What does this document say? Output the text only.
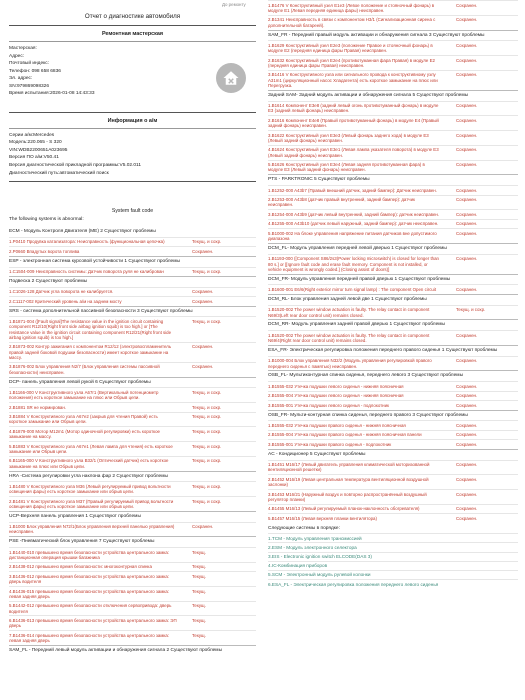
До ремонту
Отчет о диагностике автомобиля
Ремонтная мастерская
Мастерская:
Адрес:
Почтовый индекс:
Телефон: 098 658 6836
Эл. адрес:
SN:979869098326
Время испытания:2026-01-08 14:43:33
Информация о а/м
Серии а/м:Mercedes
Модель:220.065 - S 320
VIN:WDB2200651A023695
Версия ПО а/м:V50.41
Версия диагностической прикладной программы:V5.02.011
Диагностический путь:автоматический поиск
System fault code
The following systems is abnormal:
ECM - Модуль Контроля Двигателя (ME) 2 Существуют проблемы
1.P0410 Продувка катализатора: Неисправность (функциональная цепочка)	Текущ. и сохр.
2.P0660 Впадутых ворота топлива	Сохранен.
ESP - электронная система курсовой устойчивости 1 Существуют проблемы
1.C1504-009 Неисправность системы: Датчик поворота руля не калиброван	Текущ. и сохр.
Подвеска 2 Существуют проблемы
1.C1026-128 Датчик угла поворота не калибруется.	Сохранен.
2.C1117-002 Критический уровень а/м на заднем мосту	Сохранен.
SRS - система дополнительной пассивной безопасности 3 Существуют проблемы
1.B1871-004 ([Fault signal]The resistance value in the ignition circuit containing component R12/10(Right front side airbag ignition squib) is too high.] or [The resistance value in the ignition circuit containing component R12/21(Right front side airbag ignition squib) is too high.]
Текущ. и сохр.
2.B1873-002 Контур зажигания с компонентом R12/12 (электровоспламенитель правой задней боковой подушки безопасности) имеет короткое замыкание на массу.
Сохранен.
3.B1876-002 Блок управления N2/7 (Блок управления системы пассивной безопасности) неисправен.
Сохранен.
DCP- панель управления левой рукой 6 Существуют проблемы
1.B1166-000 V Конструктивного узла A67r1 (Вертикальный потенциометр положения) есть короткое замыкание на плюс или Обрыв цепи.
Текущ. и сохр.
2.B1881 SR не нормирован.	Текущ. и сохр.
3.B1884 V Конструктивного узла A67e2 (закрыв для чтения Правой) есть короткое замыкание или Обрыв цепи.
Текущ. и сохр.
4.B1879-000 Мотор M12m1 (Мотор одиночной регулировки) есть короткое замыкание на массу.
Текущ. и сохр.
5.B1883 V Конструктивного узла A67e1 (Левая лампа для чтения) есть короткое замыкание или Обрыв цепи.
Текущ. и сохр.
6.B1165-000 V Конструктивного узла B32/1 (Оптический датчик) есть короткое замыкание на плюс или Обрыв цепи.
Текущ. и сохр.
HRA -Система регулировки угла наклона фар 2 Существуют проблемы
1.B1480 V Конструктивного узла M36 (Левый регулируемый привод вольтности освещения фары) есть короткое замыкание или обрыв цепи.
Текущ. и сохр.
2.B1481 V Конструктивного узла M37 (Правый регулируемый привод вольтности освещения фары) есть короткое замыкание или обрыв цепи.
Текущ. и сохр.
UCP-Верхняя панель управления 1 Существуют проблемы
1.B1000 Блок управления N72/1(Блок управления верхней панелью управления) неисправен.
Сохранен.
PSE -Пневматический блок управления 7 Существуют проблемы
1.B1440-010 превышено время безопасности устройства центрального замка: дистанционная операция крышки багажника
Текущ.
2.B1438-012 превышено время безопасности: многоконтурная спинка	Текущ.
3.B1436-012 превышено время безопасности устройства центрального замка: дверь водителя
Текущ.
4.B1436-015 превышено время безопасности устройства центрального замка: левая задняя дверь
Текущ.
5.B1442-012 превышено время безопасности отключения сервопривода: дверь водителя
Текущ.
6.B1436-013 превышено время безопасности устройства центрального замка: ЭП дверь
Текущ.
7.B1436-014 превышено время безопасности устройства центрального замка: левая задняя дверь
Текущ.
SAM_FL - Передний левый модуль активации и обнаружения сигнала 2 Существуют проблемы
1.B1476 V Конструктивный узел E1e3 (Левое положение и стояночный фонарь) в модуле E1 (Левая передняя единица фары) неисправен.
Сохранен.
2.B1341 Неисправность в связи с компонентом H3/1 (Сигнализационная сирена с дополнительной батареей).
Сохранен.
SAM_FR - Передний правый модуль активации и обнаружения сигнала 3 Существуют проблемы
1.B1629 Конструктивный узел E2e3 (положение Правое и стояночный фонарь) в модуле E2 (передняя единица фары Правая) неисправен.
Сохранен.
2.B1632 Конструктивный узел E2e4 (противотуманная фара Правая) в модуле E2 (передняя единица фары Правая) неисправен.
Сохранен.
3.B1416 V Конструктивного узла или сигнального провода к конструктивному узлу A31m1 (циркуляционный насос Хладагента) есть короткое замыкание на плюс или Перегрузка.
Сохранен.
Задний SAM- Задний модуль активации и обнаружения сигнала 5 Существуют проблемы
1.B1614 Компонент E3e8 (задний левый огонь противотуманный фонарь) в модуле E3 (задний левый фонарь) неисправен.
Сохранен.
2.B1616 Компонент E4e8 (Правый противотуманный фонарь) в модуле E4 (Правый задний фонарь) неисправен.
Сохранен.
3.B1622 Конструктивный узел E3e3 (Левый фонарь заднего хода) в модуле E3 (Левый задний фонарь) неисправен.
Сохранен.
4.B1624 Конструктивный узел E3e1 (Левая лампа указателя поворота) в модуле E3 (Левый задний фонарь) неисправен.
Сохранен.
5.B1626 Конструктивный узел E3e4 (Левая задняя противотуманная фара) в модуле E3 (Левый задний фонарь) неисправен.
Сохранен.
PTS - PARKTRONIC 5 Существуют проблемы
1.B1252-000 A43b7 (Правый внешний датчик, задний бампер): Датчик неисправен.	Сохранен.
2.B1253-000 A43b8 (датчик правый внутренний, задний бампер): датчик неисправен.
Сохранен.
3.B1254-000 A43b9 (датчик левый внутренний, задний бампер): датчик неисправен.	Сохранен.
4.B1255-000 A43b10 (датчик левый наружный, задний бампер): датчик неисправен.	Сохранен.
5.B1000-002 На блоке управления напряжение питания датчиков вне допустимого диапазона
Сохранен.
DCM_FL- Модуль управления передней левой дверью 1 Существуют проблемы
1.B1193-000 ([Component S86/2s3(Power locking microswitch) is closed for longer than 80 s.] or [[Ignore fault code and erase fault memory. Component is not installed, or vehicle equipment is wrongly coded.] (Closing assist of doors)]
Сохранен.
DCM_FR- Модуль управления передней правой дверью 1 Существуют проблемы
1.B1600-001 E6/6(Right exterior mirror turn signal lamp) : The component Open circuit	Сохранен.
DCM_RL- Блок управления задней левой две 1 Существуют проблемы
1.B1520-002 The power window actuation is faulty. The relay contact in component N69/3(Left rear door control unit) remains closed.
Текущ. и сохр.
DCM_RR- Модуль управления задней правой дверью 1 Существуют проблемы
1.B1520-002 The power window actuation is faulty. The relay contact in component N69/4(Right rear door control unit) remains closed.
Сохранен.
ESA_FR- Электрическая регулировка положения переднего правого сиденья 1 Существуют проблемы
1.B1000-004 Блок управления N32/2 (Модуль управления регулировкой правого переднего сиденья с памятью) неисправен.
Сохранен.
OSB_FL- Мультиконтурная спинка сиденья, переднего левого 3 Существуют проблемы
1.B1555-032 Утечка подушки левого сиденья - нижняя поясничная	Сохранен.
2.B1555-004 Утечка подушки левого сиденья - нижняя поясничная	Сохранен.
3.B1555-001 Утечка подушки левого сиденья - подлокотник	Сохранен.
OSB_FR- Мульти-контурная спинка сиденья, переднего правого 3 Существуют проблемы
1.B1555-032 Утечка подушки правого сиденья - нижняя поясничная	Сохранен.
2.B1555-004 Утечка подушки правого сиденья - нижняя поясничная панели	Сохранен.
3.B1555-001 Утечка подушки правого сиденья - подлокотник	Сохранен.
AC - Кондиционер 5 Существуют проблемы
1.B1451 M16/17 (Левый двигатель управления климатической моторизованной вентиляционной решетки)
Сохранен.
2.B1452 M16/19 (Левая центральная температура вентиляционной воздушной заслонки)
Сохранен.
3.B1453 M16/21 (Наружный воздух и повторно распространённый воздушный регулятор планки)
Сохранен.
4.B1455 M16/13 (Левый регулируемый планок-наклонность обогревателя)	Сохранен.
5.B1457 M16/15 (Левая верхняя планки вентилятора)	Сохранен.
Следующие системы в порядке:
1.TCM - Модуль управления трансмиссией
2.ESM - Модуль электронного селектора
3.EIS - Electronic ignition switch ELCODE(DAS 3)
4.IC-Комбинация приборов
5.SCM - Электронный модуль рулевой колонки
6.ESA_FL - Электрическая регулировка положения переднего левого сиденья
